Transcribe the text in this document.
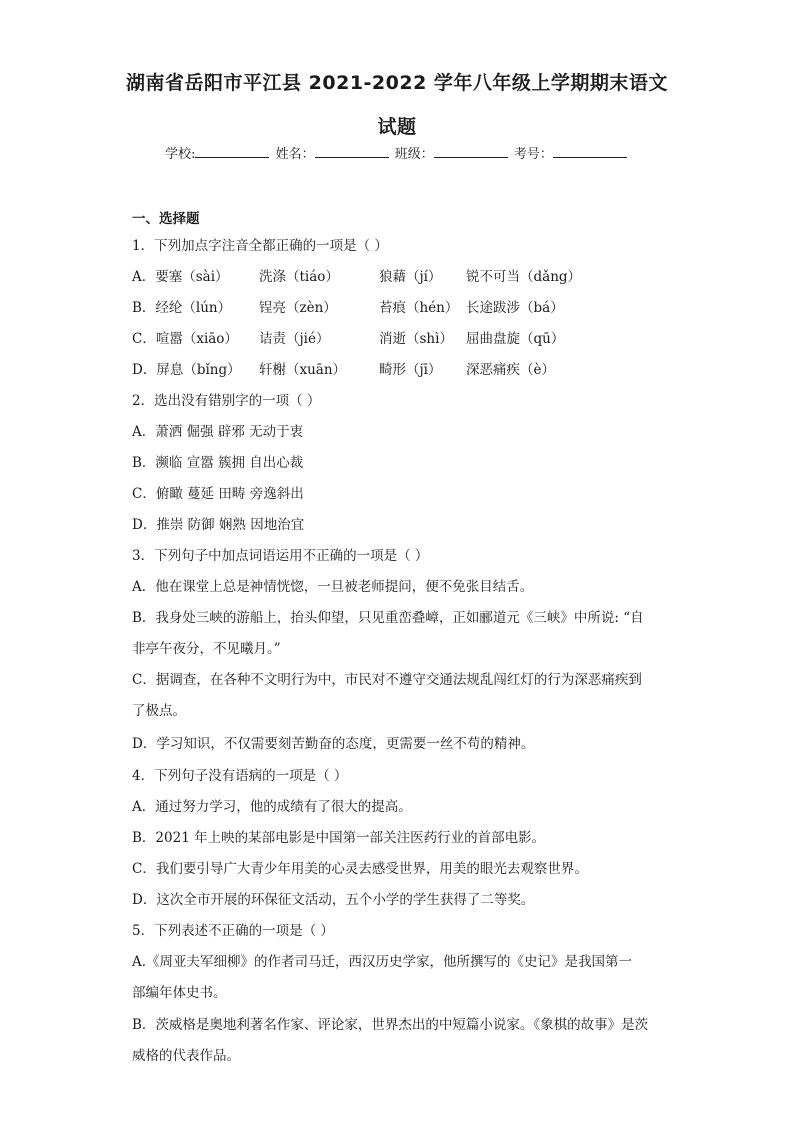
湖南省岳阳市平江县 2021-2022 学年八年级上学期期末语文
试题
学校:	姓名：	班级：	考号：
一、选择题
1．下列加点字注音全都正确的一项是（ ）
A．要塞（sài） 洗涤（tiáo）	狼藉（jí） 锐不可当（dǎng）
B．经纶（lún） 锃亮（zèn）	苔痕（hén） 长途跋涉（bá）
C．喧嚣（xiāo） 诘责（jié）	消逝（shì） 屈曲盘旋（qū）
D．屏息（bǐng） 轩榭（xuān） 畸形（jī） 深恶痛疾（è）
2．选出没有错别字的一项（ ）
A．萧洒 倔强 辟邪 无动于衷
B．濒临 宣嚣 簇拥 自出心裁
C．俯瞰 蔓延 田畴 旁逸斜出
D．推崇 防御 娴熟 因地治宜
3．下列句子中加点词语运用不正确的一项是（ ）
A．他在课堂上总是神情恍惚，一旦被老师提问，便不免张目结舌。
B．我身处三峡的游船上，抬头仰望，只见重峦叠嶂，正如郦道元《三峡》中所说: “自
非亭午夜分，不见曦月。”
C．据调查，在各种不文明行为中，市民对不遵守交通法规乱闯红灯的行为深恶痛疾到
了极点。
D．学习知识，不仅需要刻苦勤奋的态度，更需要一丝不苟的精神。
4．下列句子没有语病的一项是（ ）
A．通过努力学习，他的成绩有了很大的提高。
B．2021 年上映的某部电影是中国第一部关注医药行业的首部电影。
C．我们要引导广大青少年用美的心灵去感受世界，用美的眼光去观察世界。
D．这次全市开展的环保征文活动，五个小学的学生获得了二等奖。
5．下列表述不正确的一项是（ ）
A.《周亚夫军细柳》的作者司马迁，西汉历史学家，他所撰写的《史记》是我国第一
部编年体史书。
B．茨威格是奥地利著名作家、评论家，世界杰出的中短篇小说家。《象棋的故事》是茨
威格的代表作品。
